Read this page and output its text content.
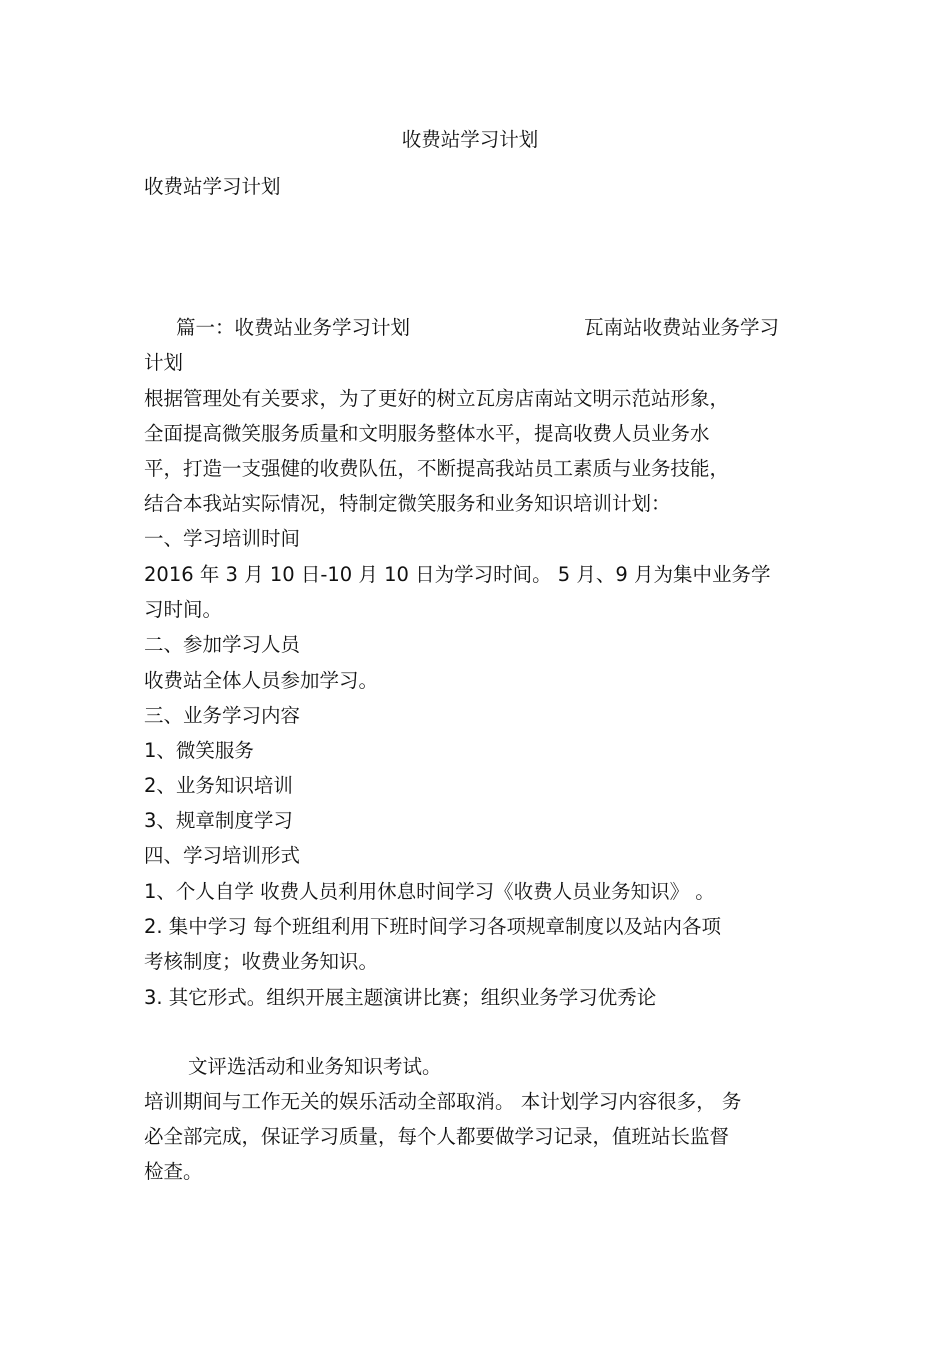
收费站学习计划
收费站学习计划
篇一：收费站业务学习计划	瓦南站收费站业务学习
计划
根据管理处有关要求，为了更好的树立瓦房店南站文明示范站形象，
全面提高微笑服务质量和文明服务整体水平，提高收费人员业务水
平，打造一支强健的收费队伍，不断提高我站员工素质与业务技能，
结合本我站实际情况，特制定微笑服务和业务知识培训计划：
一、学习培训时间
2016 年 3 月 10 日-10 月 10 日为学习时间。 5 月、9 月为集中业务学
习时间。
二、参加学习人员
收费站全体人员参加学习。
三、业务学习内容
1、微笑服务
2、业务知识培训
3、规章制度学习
四、学习培训形式
1、个人自学 收费人员利用休息时间学习《收费人员业务知识》 。
2. 集中学习 每个班组利用下班时间学习各项规章制度以及站内各项
考核制度；收费业务知识。
3. 其它形式。组织开展主题演讲比赛；组织业务学习优秀论
文评选活动和业务知识考试。
培训期间与工作无关的娱乐活动全部取消。 本计划学习内容很多， 务
必全部完成，保证学习质量，每个人都要做学习记录，值班站长监督
检查。
